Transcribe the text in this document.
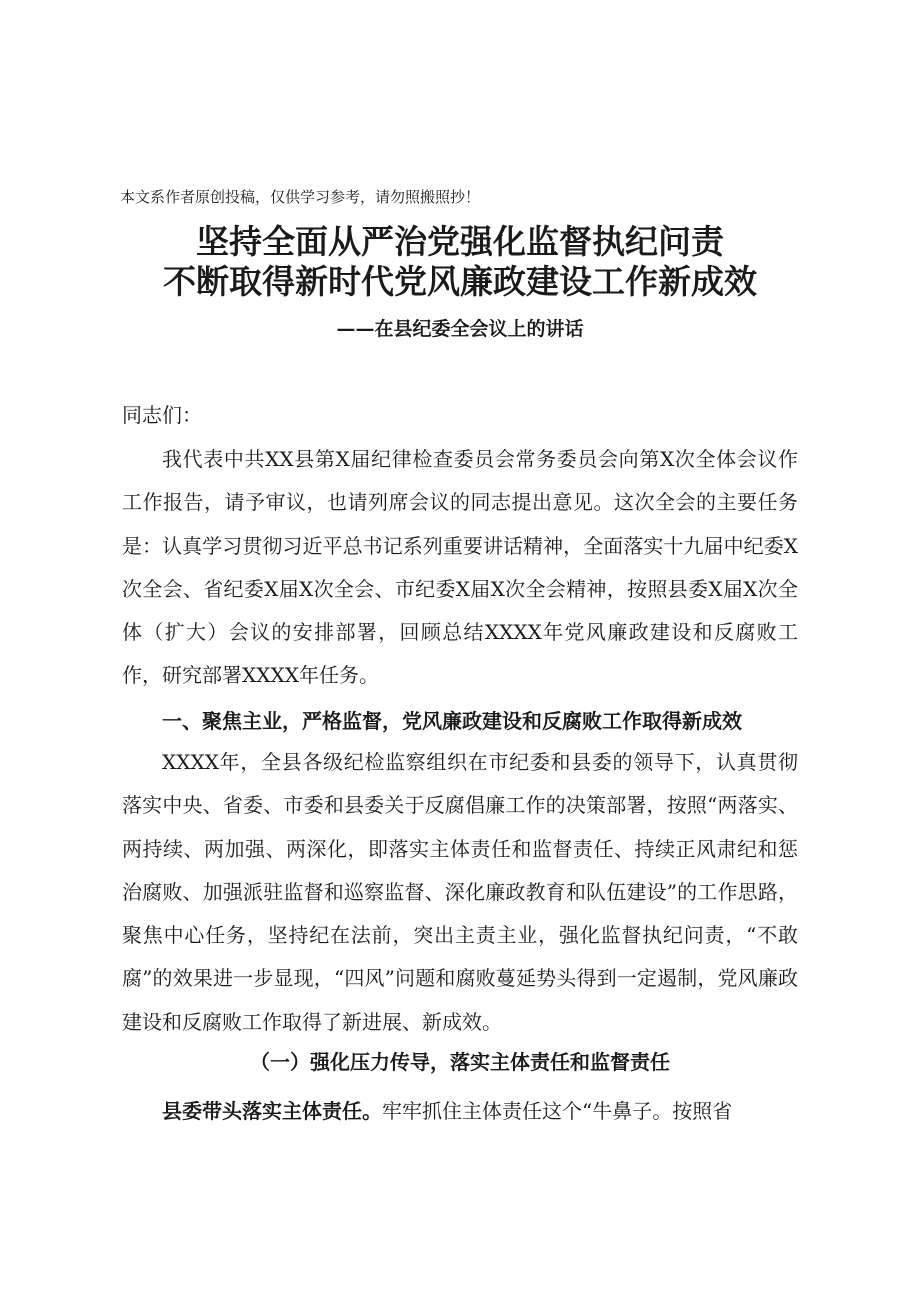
本文系作者原创投稿，仅供学习参考，请勿照搬照抄！
坚持全面从严治党强化监督执纪问责
不断取得新时代党风廉政建设工作新成效
——在县纪委全会议上的讲话
同志们：
我代表中共XX县第X届纪律检查委员会常务委员会向第X次全体会议作工作报告，请予审议，也请列席会议的同志提出意见。这次全会的主要任务是：认真学习贯彻习近平总书记系列重要讲话精神，全面落实十九届中纪委X次全会、省纪委X届X次全会、市纪委X届X次全会精神，按照县委X届X次全体（扩大）会议的安排部署，回顾总结XXXX年党风廉政建设和反腐败工作，研究部署XXXX年任务。
一、聚焦主业，严格监督，党风廉政建设和反腐败工作取得新成效
XXXX年，全县各级纪检监察组织在市纪委和县委的领导下，认真贯彻落实中央、省委、市委和县委关于反腐倡廉工作的决策部署，按照“两落实、两持续、两加强、两深化，即落实主体责任和监督责任、持续正风肃纪和惩治腐败、加强派驻监督和巡察监督、深化廉政教育和队伍建设”的工作思路，聚焦中心任务，坚持纪在法前，突出主责主业，强化监督执纪问责，“不敢腐”的效果进一步显现，“四风”问题和腐败蔓延势头得到一定遏制，党风廉政建设和反腐败工作取得了新进展、新成效。
（一）强化压力传导，落实主体责任和监督责任
县委带头落实主体责任。牢牢抓住主体责任这个“牛鼻子。按照省
